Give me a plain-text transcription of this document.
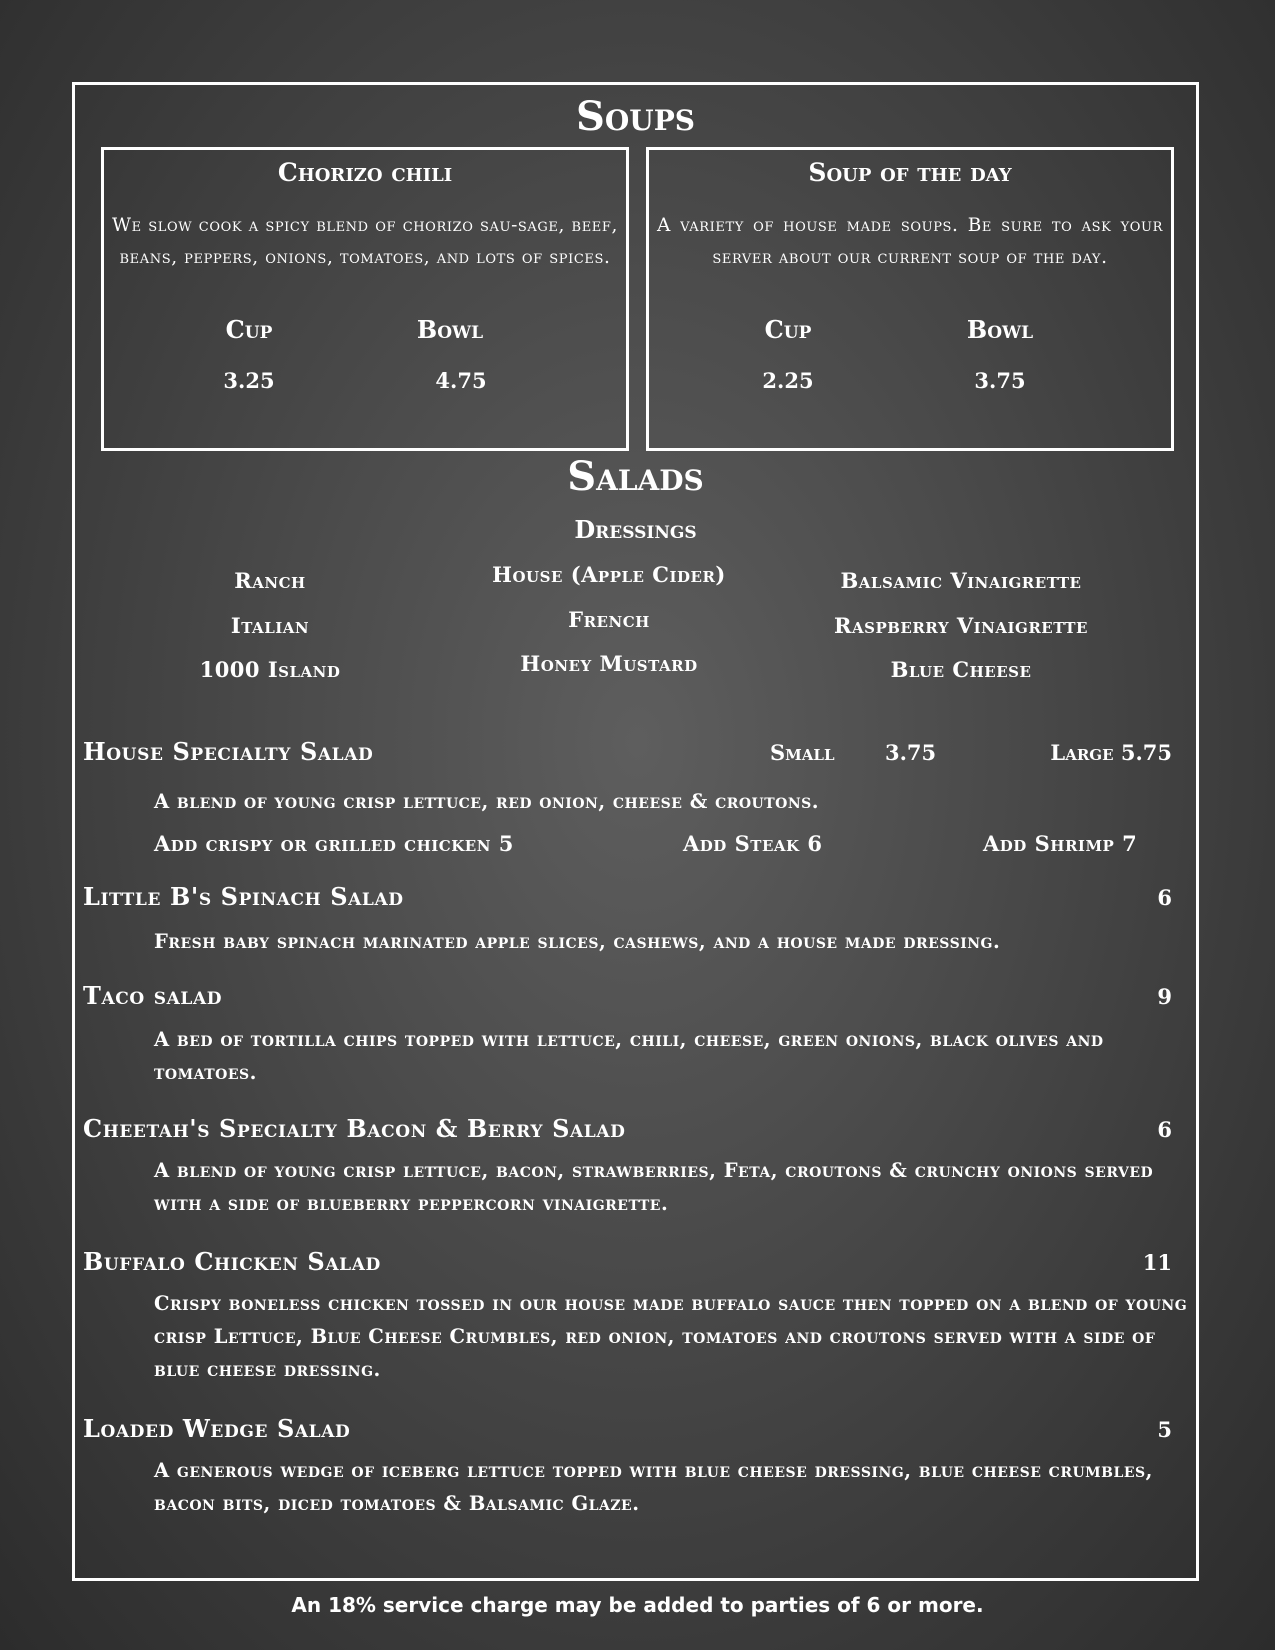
Soups
Chorizo chili
We slow cook a spicy blend of chorizo sau-sage, beef, beans, peppers, onions, tomatoes, and lots of spices.
Cup	Bowl
3.25	4.75
Soup of the day
A variety of house made soups. Be sure to ask your server about our current soup of the day.
Cup	Bowl
2.25	3.75
Salads
Dressings
Ranch
Italian
1000 Island
House (Apple Cider)
French
Honey Mustard
Balsamic Vinaigrette
Raspberry Vinaigrette
Blue Cheese
House Specialty Salad	Small 3.75	Large 5.75
A blend of young crisp lettuce, red onion, cheese & croutons.
Add crispy or grilled chicken 5	Add Steak 6	Add Shrimp 7
Little B's Spinach Salad	6
Fresh baby spinach marinated apple slices, cashews, and a house made dressing.
Taco salad	9
A bed of tortilla chips topped with lettuce, chili, cheese, green onions, black olives and tomatoes.
Cheetah's Specialty Bacon & Berry Salad	6
A blend of young crisp lettuce, bacon, strawberries, Feta, croutons & crunchy onions served with a side of blueberry peppercorn vinaigrette.
Buffalo Chicken Salad	11
Crispy boneless chicken tossed in our house made buffalo sauce then topped on a blend of young crisp Lettuce, Blue Cheese Crumbles, red onion, tomatoes and croutons served with a side of blue cheese dressing.
Loaded Wedge Salad	5
A generous wedge of iceberg lettuce topped with blue cheese dressing, blue cheese crumbles, bacon bits, diced tomatoes & Balsamic Glaze.
An 18% service charge may be added to parties of 6 or more.
